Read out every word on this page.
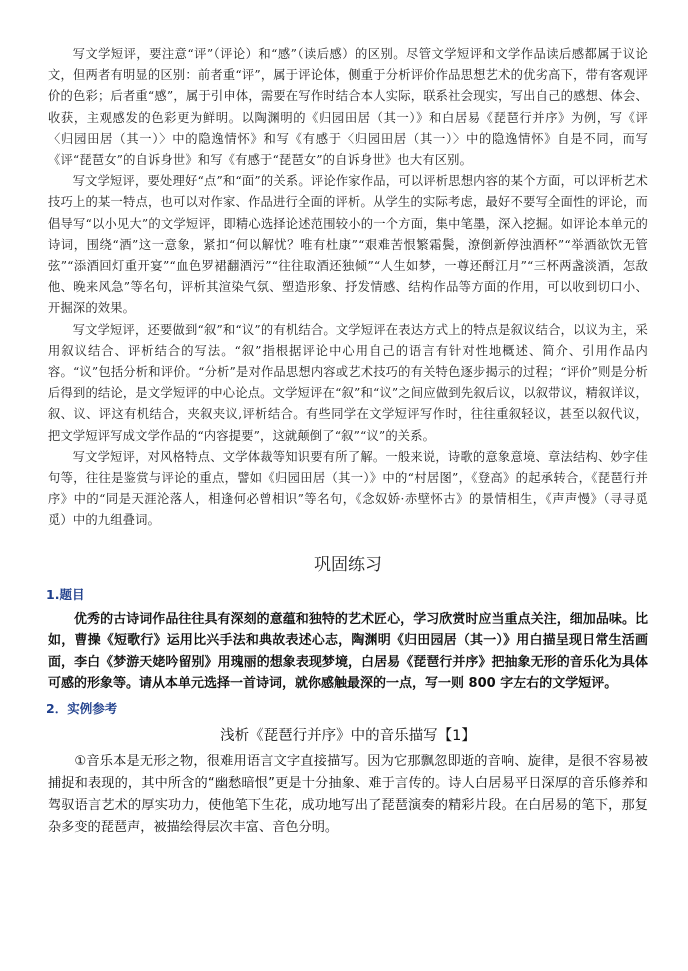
写文学短评，要注意“评”（评论）和“感”（读后感）的区别。尽管文学短评和文学作品读后感都属于议论文，但两者有明显的区别：前者重“评”，属于评论体，侧重于分析评价作品思想艺术的优劣高下，带有客观评价的色彩；后者重“感”，属于引申体，需要在写作时结合本人实际，联系社会现实，写出自己的感想、体会、收获，主观感发的色彩更为鲜明。以陶渊明的《归园田居（其一）》和白居易《琵琶行并序》为例，写《评〈归园田居（其一）〉中的隐逸情怀》和写《有感于〈归园田居（其一）〉中的隐逸情怀》自是不同，而写《评“琵琶女”的自诉身世》和写《有感于“琵琶女”的自诉身世》也大有区别。

写文学短评，要处理好“点”和“面”的关系。评论作家作品，可以评析思想内容的某个方面，可以评析艺术技巧上的某一特点，也可以对作家、作品进行全面的评析。从学生的实际考虑，最好不要写全面性的评论，而倡导写“以小见大”的文学短评，即精心选择论述范围较小的一个方面，集中笔墨，深入挖掘。如评论本单元的诗词，围绕“酒”这一意象，紧扣“何以解忧？唯有杜康”“艰难苦恨繁霜鬓，潦倒新停浊酒杯”“举酒欲饮无管弦”“添酒回灯重开宴”“血色罗裙翻酒污”“往往取酒还独倾”“人生如梦，一尊还酹江月”“三杯两盏淡酒，怎敌他、晚来风急”等名句，评析其渲染气氛、塑造形象、抒发情感、结构作品等方面的作用，可以收到切口小、开掘深的效果。

写文学短评，还要做到“叙”和“议”的有机结合。文学短评在表达方式上的特点是叙议结合，以议为主，采用叙议结合、评析结合的写法。“叙”指根据评论中心用自己的语言有针对性地概述、简介、引用作品内容。“议”包括分析和评价。“分析”是对作品思想内容或艺术技巧的有关特色逐步揭示的过程；“评价”则是分析后得到的结论，是文学短评的中心论点。文学短评在“叙”和“议”之间应做到先叙后议，以叙带议，精叙详议，叙、议、评这有机结合，夹叙夹议,评析结合。有些同学在文学短评写作时，往往重叙轻议，甚至以叙代议，把文学短评写成文学作品的“内容提要”，这就颠倒了“叙”“议”的关系。

写文学短评，对风格特点、文学体裁等知识要有所了解。一般来说，诗歌的意象意境、章法结构、妙字佳句等，往往是鉴赏与评论的重点，譬如《归园田居（其一）》中的“村居图”，《登高》的起承转合，《琵琶行并序》中的“同是天涯沦落人，相逢何必曾相识”等名句，《念奴娇·赤壁怀古》的景情相生，《声声慢》（寻寻觅觅）中的九组叠词。

巩固练习
1.题目

优秀的古诗词作品往往具有深刻的意蕴和独特的艺术匠心，学习欣赏时应当重点关注，细加品味。比如，曹操《短歌行》运用比兴手法和典故表述心志，陶渊明《归田园居（其一）》用白描呈现日常生活画面，李白《梦游天姥吟留别》用瑰丽的想象表现梦境，白居易《琵琶行并序》把抽象无形的音乐化为具体可感的形象等。请从本单元选择一首诗词，就你感触最深的一点，写一则 800 字左右的文学短评。

2．实例参考
浅析《琵琶行并序》中的音乐描写【1】

①音乐本是无形之物，很难用语言文字直接描写。因为它那飘忽即逝的音响、旋律，是很不容易被捕捉和表现的，其中所含的“幽愁暗恨”更是十分抽象、难于言传的。诗人白居易平日深厚的音乐修养和驾驭语言艺术的厚实功力，使他笔下生花，成功地写出了琵琶演奏的精彩片段。在白居易的笔下，那复杂多变的琵琶声，被描绘得层次丰富、音色分明。
